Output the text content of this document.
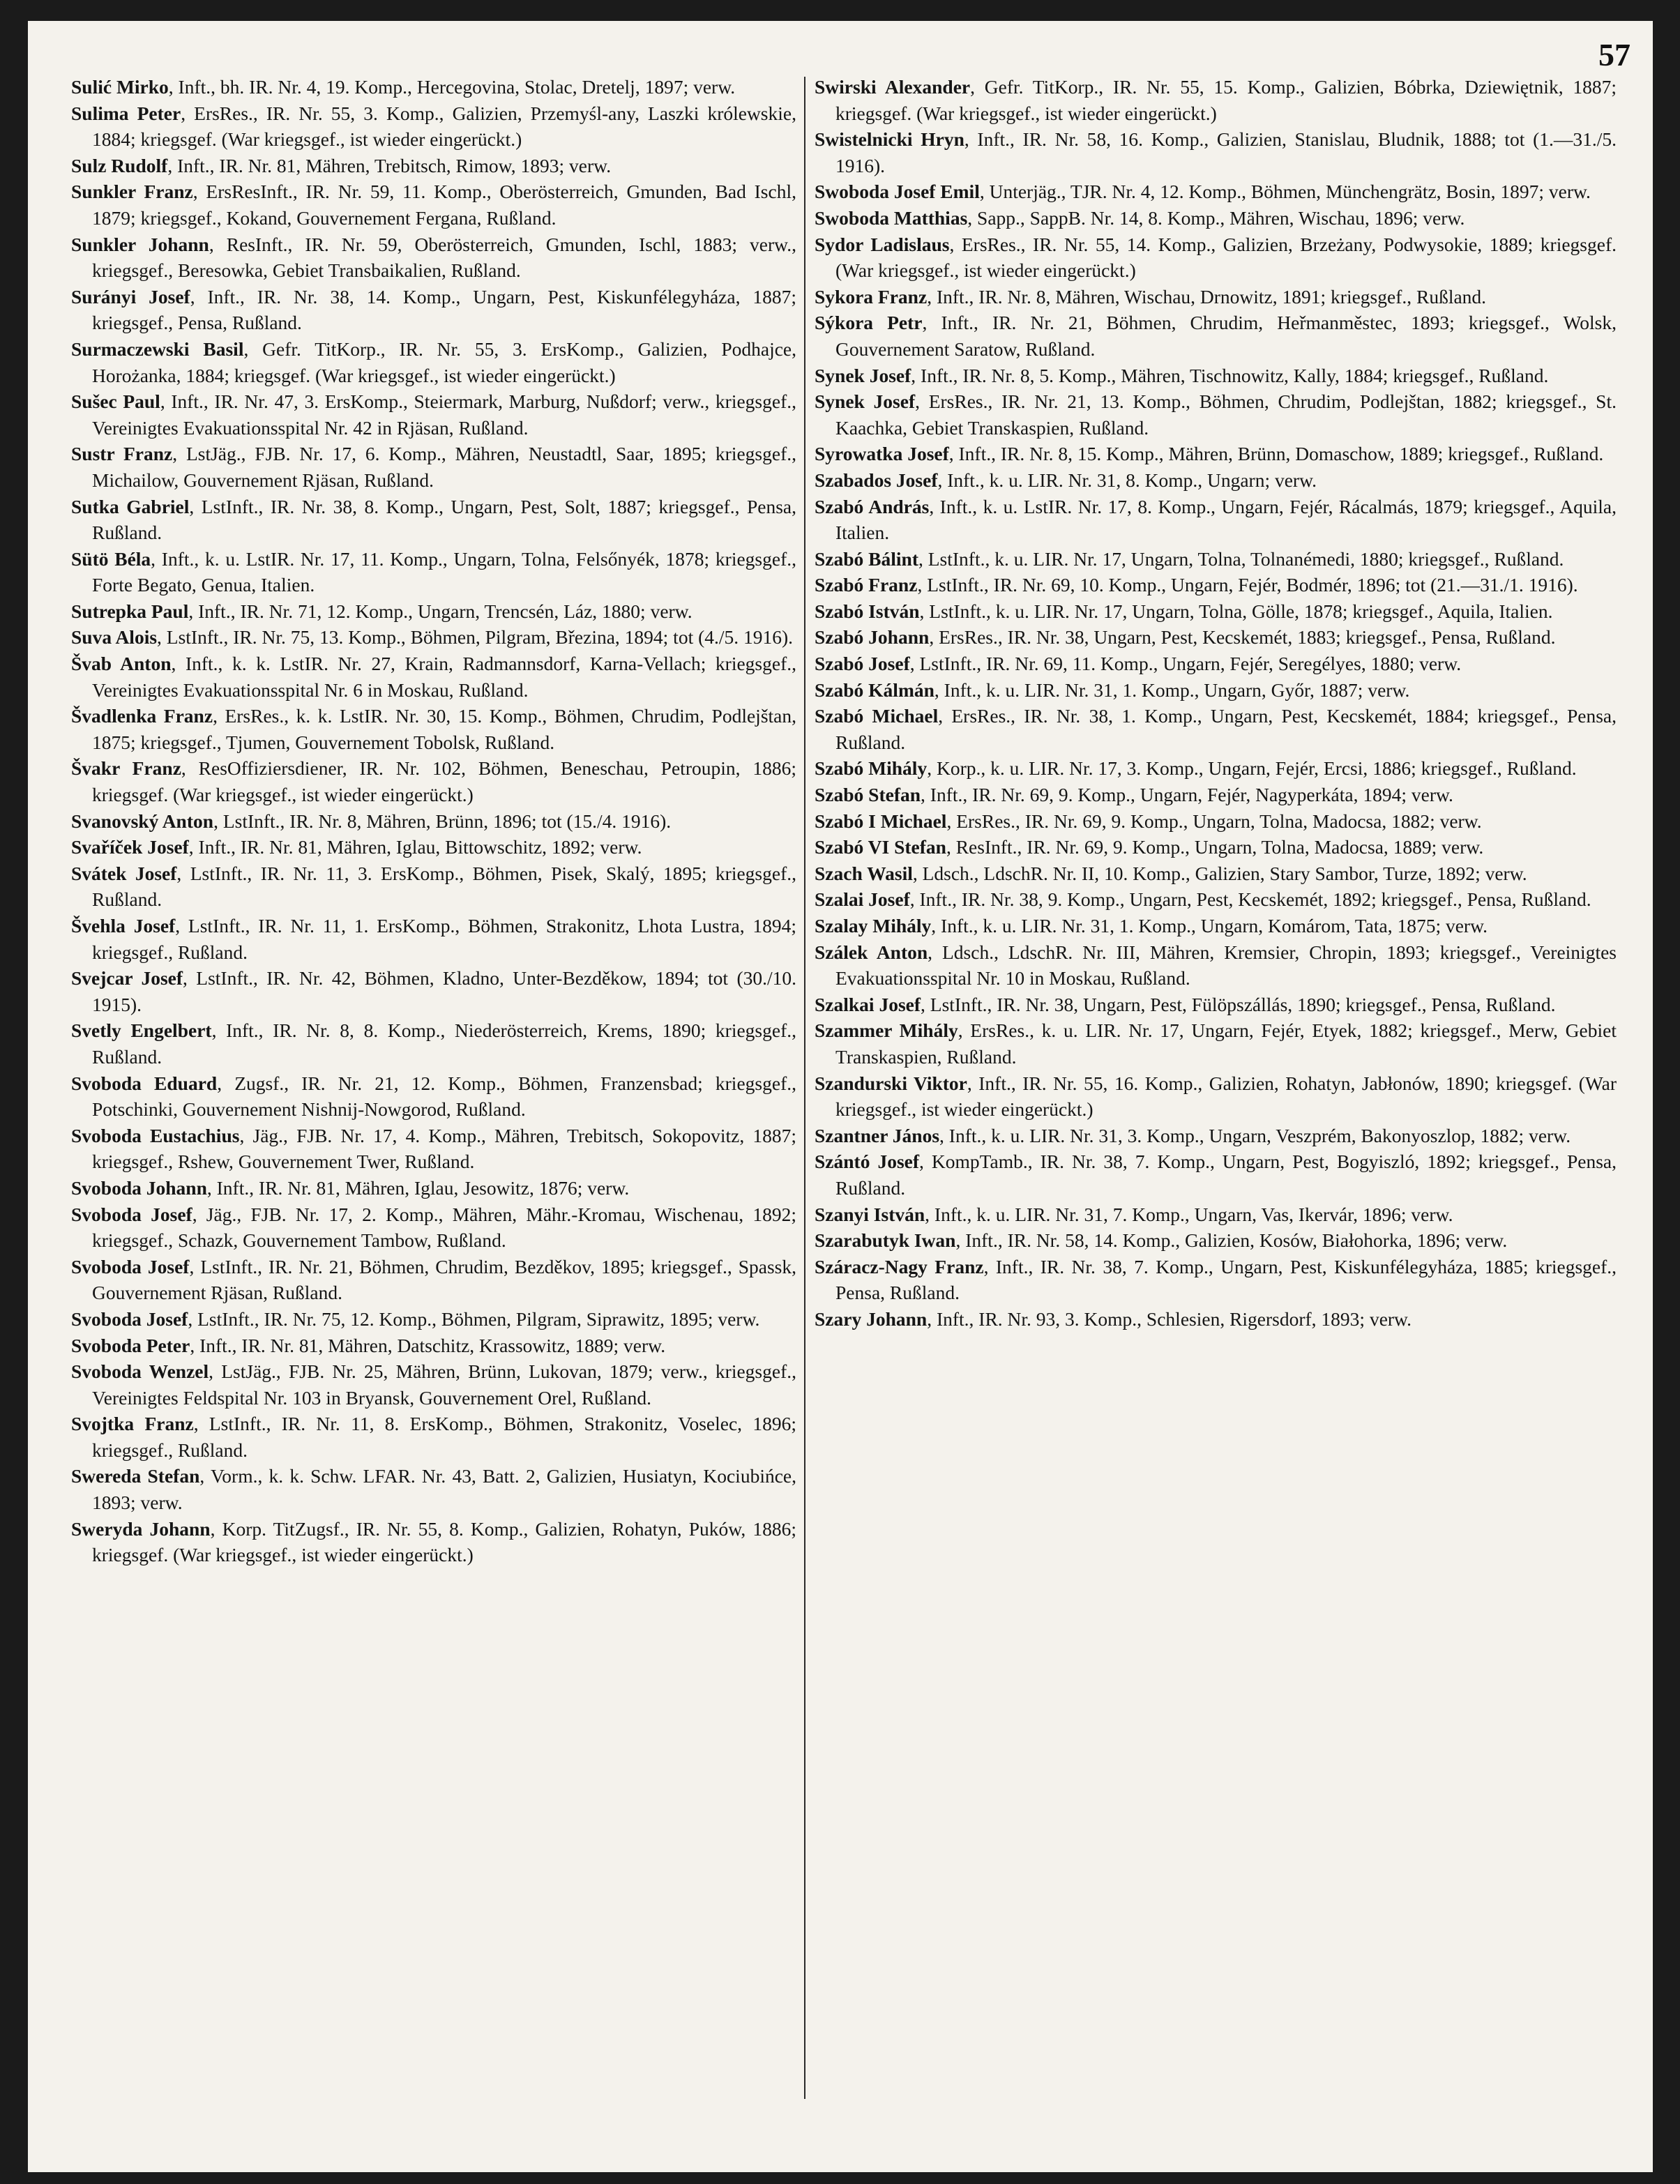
57

Sulić Mirko, Inft., bh. IR. Nr. 4, 19. Komp., Hercegovina, Stolac, Dretelj, 1897; verw.

Sulima Peter, ErsRes., IR. Nr. 55, 3. Komp., Galizien, Przemyśl-any, Laszki królewskie, 1884; kriegsgef. (War kriegsgef., ist wieder eingerückt.)

Sulz Rudolf, Inft., IR. Nr. 81, Mähren, Trebitsch, Rimow, 1893; verw.

Sunkler Franz, ErsResInft., IR. Nr. 59, 11. Komp., Oberösterreich, Gmunden, Bad Ischl, 1879; kriegsgef., Kokand, Gouvernement Fergana, Rußland.

Sunkler Johann, ResInft., IR. Nr. 59, Oberösterreich, Gmunden, Ischl, 1883; verw., kriegsgef., Beresowka, Gebiet Transbaikalien, Rußland.

Surányi Josef, Inft., IR. Nr. 38, 14. Komp., Ungarn, Pest, Kiskunfélegyháza, 1887; kriegsgef., Pensa, Rußland.

Surmaczewski Basil, Gefr. TitKorp., IR. Nr. 55, 3. ErsKomp., Galizien, Podhajce, Horożanka, 1884; kriegsgef. (War kriegsgef., ist wieder eingerückt.)

Sušec Paul, Inft., IR. Nr. 47, 3. ErsKomp., Steiermark, Marburg, Nußdorf; verw., kriegsgef., Vereinigtes Evakuationsspital Nr. 42 in Rjäsan, Rußland.

Sustr Franz, LstJäg., FJB. Nr. 17, 6. Komp., Mähren, Neustadtl, Saar, 1895; kriegsgef., Michailow, Gouvernement Rjäsan, Rußland.

Sutka Gabriel, LstInft., IR. Nr. 38, 8. Komp., Ungarn, Pest, Solt, 1887; kriegsgef., Pensa, Rußland.

Sütö Béla, Inft., k. u. LstIR. Nr. 17, 11. Komp., Ungarn, Tolna, Felsőnyék, 1878; kriegsgef., Forte Begato, Genua, Italien.

Sutrepka Paul, Inft., IR. Nr. 71, 12. Komp., Ungarn, Trencsén, Láz, 1880; verw.

Suva Alois, LstInft., IR. Nr. 75, 13. Komp., Böhmen, Pilgram, Březina, 1894; tot (4./5. 1916).

Švab Anton, Inft., k. k. LstIR. Nr. 27, Krain, Radmannsdorf, Karna-Vellach; kriegsgef., Vereinigtes Evakuationsspital Nr. 6 in Moskau, Rußland.

Švadlenka Franz, ErsRes., k. k. LstIR. Nr. 30, 15. Komp., Böhmen, Chrudim, Podlejštan, 1875; kriegsgef., Tjumen, Gouvernement Tobolsk, Rußland.

Švakr Franz, ResOffiziersdiener, IR. Nr. 102, Böhmen, Beneschau, Petroupin, 1886; kriegsgef. (War kriegsgef., ist wieder eingerückt.)

Svanovský Anton, LstInft., IR. Nr. 8, Mähren, Brünn, 1896; tot (15./4. 1916).

Svaříček Josef, Inft., IR. Nr. 81, Mähren, Iglau, Bittowschitz, 1892; verw.

Svátek Josef, LstInft., IR. Nr. 11, 3. ErsKomp., Böhmen, Pisek, Skalý, 1895; kriegsgef., Rußland.

Švehla Josef, LstInft., IR. Nr. 11, 1. ErsKomp., Böhmen, Strakonitz, Lhota Lustra, 1894; kriegsgef., Rußland.

Svejcar Josef, LstInft., IR. Nr. 42, Böhmen, Kladno, Unter-Bezděkow, 1894; tot (30./10. 1915).

Svetly Engelbert, Inft., IR. Nr. 8, 8. Komp., Niederösterreich, Krems, 1890; kriegsgef., Rußland.

Svoboda Eduard, Zugsf., IR. Nr. 21, 12. Komp., Böhmen, Franzensbad; kriegsgef., Potschinki, Gouvernement Nishnij-Nowgorod, Rußland.

Svoboda Eustachius, Jäg., FJB. Nr. 17, 4. Komp., Mähren, Trebitsch, Sokopovitz, 1887; kriegsgef., Rshew, Gouvernement Twer, Rußland.

Svoboda Johann, Inft., IR. Nr. 81, Mähren, Iglau, Jesowitz, 1876; verw.

Svoboda Josef, Jäg., FJB. Nr. 17, 2. Komp., Mähren, Mähr.-Kromau, Wischenau, 1892; kriegsgef., Schazk, Gouvernement Tambow, Rußland.

Svoboda Josef, LstInft., IR. Nr. 21, Böhmen, Chrudim, Bezděkov, 1895; kriegsgef., Spassk, Gouvernement Rjäsan, Rußland.

Svoboda Josef, LstInft., IR. Nr. 75, 12. Komp., Böhmen, Pilgram, Siprawitz, 1895; verw.

Svoboda Peter, Inft., IR. Nr. 81, Mähren, Datschitz, Krassowitz, 1889; verw.

Svoboda Wenzel, LstJäg., FJB. Nr. 25, Mähren, Brünn, Lukovan, 1879; verw., kriegsgef., Vereinigtes Feldspital Nr. 103 in Bryansk, Gouvernement Orel, Rußland.

Svojtka Franz, LstInft., IR. Nr. 11, 8. ErsKomp., Böhmen, Strakonitz, Voselec, 1896; kriegsgef., Rußland.

Swereda Stefan, Vorm., k. k. Schw. LFAR. Nr. 43, Batt. 2, Galizien, Husiatyn, Kociubińce, 1893; verw.

Sweryda Johann, Korp. TitZugsf., IR. Nr. 55, 8. Komp., Galizien, Rohatyn, Puków, 1886; kriegsgef. (War kriegsgef., ist wieder eingerückt.)

Swirski Alexander, Gefr. TitKorp., IR. Nr. 55, 15. Komp., Galizien, Bóbrka, Dziewiętnik, 1887; kriegsgef. (War kriegsgef., ist wieder eingerückt.)

Swistelnicki Hryn, Inft., IR. Nr. 58, 16. Komp., Galizien, Stanislau, Bludnik, 1888; tot (1.—31./5. 1916).

Swoboda Josef Emil, Unterjäg., TJR. Nr. 4, 12. Komp., Böhmen, Münchengrätz, Bosin, 1897; verw.

Swoboda Matthias, Sapp., SappB. Nr. 14, 8. Komp., Mähren, Wischau, 1896; verw.

Sydor Ladislaus, ErsRes., IR. Nr. 55, 14. Komp., Galizien, Brzeżany, Podwysokie, 1889; kriegsgef. (War kriegsgef., ist wieder eingerückt.)

Sykora Franz, Inft., IR. Nr. 8, Mähren, Wischau, Drnowitz, 1891; kriegsgef., Rußland.

Sýkora Petr, Inft., IR. Nr. 21, Böhmen, Chrudim, Heřmanměstec, 1893; kriegsgef., Wolsk, Gouvernement Saratow, Rußland.

Synek Josef, Inft., IR. Nr. 8, 5. Komp., Mähren, Tischnowitz, Kally, 1884; kriegsgef., Rußland.

Synek Josef, ErsRes., IR. Nr. 21, 13. Komp., Böhmen, Chrudim, Podlejštan, 1882; kriegsgef., St. Kaachka, Gebiet Transkaspien, Rußland.

Syrowatka Josef, Inft., IR. Nr. 8, 15. Komp., Mähren, Brünn, Domaschow, 1889; kriegsgef., Rußland.

Szabados Josef, Inft., k. u. LIR. Nr. 31, 8. Komp., Ungarn; verw.

Szabó András, Inft., k. u. LstIR. Nr. 17, 8. Komp., Ungarn, Fejér, Rácalmás, 1879; kriegsgef., Aquila, Italien.

Szabó Bálint, LstInft., k. u. LIR. Nr. 17, Ungarn, Tolna, Tolnanémedi, 1880; kriegsgef., Rußland.

Szabó Franz, LstInft., IR. Nr. 69, 10. Komp., Ungarn, Fejér, Bodmér, 1896; tot (21.—31./1. 1916).

Szabó István, LstInft., k. u. LIR. Nr. 17, Ungarn, Tolna, Gölle, 1878; kriegsgef., Aquila, Italien.

Szabó Johann, ErsRes., IR. Nr. 38, Ungarn, Pest, Kecskemét, 1883; kriegsgef., Pensa, Rußland.

Szabó Josef, LstInft., IR. Nr. 69, 11. Komp., Ungarn, Fejér, Seregélyes, 1880; verw.

Szabó Kálmán, Inft., k. u. LIR. Nr. 31, 1. Komp., Ungarn, Győr, 1887; verw.

Szabó Michael, ErsRes., IR. Nr. 38, 1. Komp., Ungarn, Pest, Kecskemét, 1884; kriegsgef., Pensa, Rußland.

Szabó Mihály, Korp., k. u. LIR. Nr. 17, 3. Komp., Ungarn, Fejér, Ercsi, 1886; kriegsgef., Rußland.

Szabó Stefan, Inft., IR. Nr. 69, 9. Komp., Ungarn, Fejér, Nagyperkáta, 1894; verw.

Szabó I Michael, ErsRes., IR. Nr. 69, 9. Komp., Ungarn, Tolna, Madocsa, 1882; verw.

Szabó VI Stefan, ResInft., IR. Nr. 69, 9. Komp., Ungarn, Tolna, Madocsa, 1889; verw.

Szach Wasil, Ldsch., LdschR. Nr. II, 10. Komp., Galizien, Stary Sambor, Turze, 1892; verw.

Szalai Josef, Inft., IR. Nr. 38, 9. Komp., Ungarn, Pest, Kecskemét, 1892; kriegsgef., Pensa, Rußland.

Szalay Mihály, Inft., k. u. LIR. Nr. 31, 1. Komp., Ungarn, Komárom, Tata, 1875; verw.

Szálek Anton, Ldsch., LdschR. Nr. III, Mähren, Kremsier, Chropin, 1893; kriegsgef., Vereinigtes Evakuationsspital Nr. 10 in Moskau, Rußland.

Szalkai Josef, LstInft., IR. Nr. 38, Ungarn, Pest, Fülöpszállás, 1890; kriegsgef., Pensa, Rußland.

Szammer Mihály, ErsRes., k. u. LIR. Nr. 17, Ungarn, Fejér, Etyek, 1882; kriegsgef., Merw, Gebiet Transkaspien, Rußland.

Szandurski Viktor, Inft., IR. Nr. 55, 16. Komp., Galizien, Rohatyn, Jabłonów, 1890; kriegsgef. (War kriegsgef., ist wieder eingerückt.)

Szantner János, Inft., k. u. LIR. Nr. 31, 3. Komp., Ungarn, Veszprém, Bakonyoszlop, 1882; verw.

Szántó Josef, KompTamb., IR. Nr. 38, 7. Komp., Ungarn, Pest, Bogyiszló, 1892; kriegsgef., Pensa, Rußland.

Szanyi István, Inft., k. u. LIR. Nr. 31, 7. Komp., Ungarn, Vas, Ikervár, 1896; verw.

Szarabutyk Iwan, Inft., IR. Nr. 58, 14. Komp., Galizien, Kosów, Białohorka, 1896; verw.

Száracz-Nagy Franz, Inft., IR. Nr. 38, 7. Komp., Ungarn, Pest, Kiskunfélegyháza, 1885; kriegsgef., Pensa, Rußland.

Szary Johann, Inft., IR. Nr. 93, 3. Komp., Schlesien, Rigersdorf, 1893; verw.
